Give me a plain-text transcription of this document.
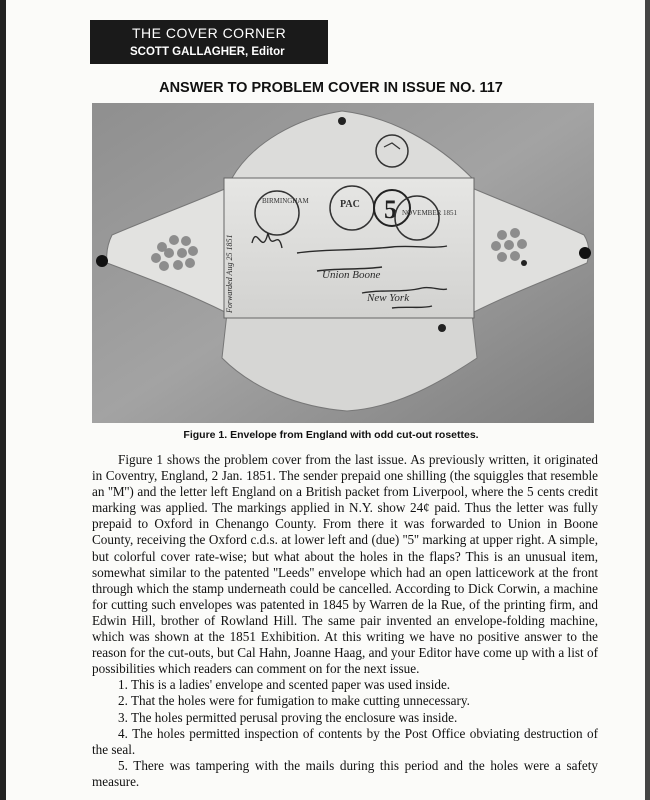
THE COVER CORNER
SCOTT GALLAGHER, Editor
ANSWER TO PROBLEM COVER IN ISSUE NO. 117
BIRMINGHAM	PAC 5 NOVEMBER 1851
Union Boone
New York
Forwarded Aug 25 1851
Figure 1. Envelope from England with odd cut-out rosettes.

Figure 1 shows the problem cover from the last issue. As previously written, it originated in Coventry, England, 2 Jan. 1851. The sender prepaid one shilling (the squiggles that resemble an ''M'') and the letter left England on a British packet from Liverpool, where the 5 cents credit marking was applied. The markings applied in N.Y. show 24¢ paid. Thus the letter was fully prepaid to Oxford in Chenango County. From there it was forwarded to Union in Boone County, receiving the Oxford c.d.s. at lower left and (due) ''5'' marking at upper right. A simple, but colorful cover rate-wise; but what about the holes in the flaps? This is an unusual item, somewhat similar to the patented ''Leeds'' envelope which had an open latticework at the front through which the stamp underneath could be cancelled. According to Dick Corwin, a machine for cutting such envelopes was patented in 1845 by Warren de la Rue, of the printing firm, and Edwin Hill, brother of Rowland Hill. The same pair invented an envelope-folding machine, which was shown at the 1851 Exhibition. At this writing we have no positive answer to the reason for the cut-outs, but Cal Hahn, Joanne Haag, and your Editor have come up with a list of possibilities which readers can comment on for the next issue.

1. This is a ladies' envelope and scented paper was used inside.

2. That the holes were for fumigation to make cutting unnecessary.

3. The holes permitted perusal proving the enclosure was inside.

4. The holes permitted inspection of contents by the Post Office obviating destruction of the seal.

5. There was tampering with the mails during this period and the holes were a safety measure.
